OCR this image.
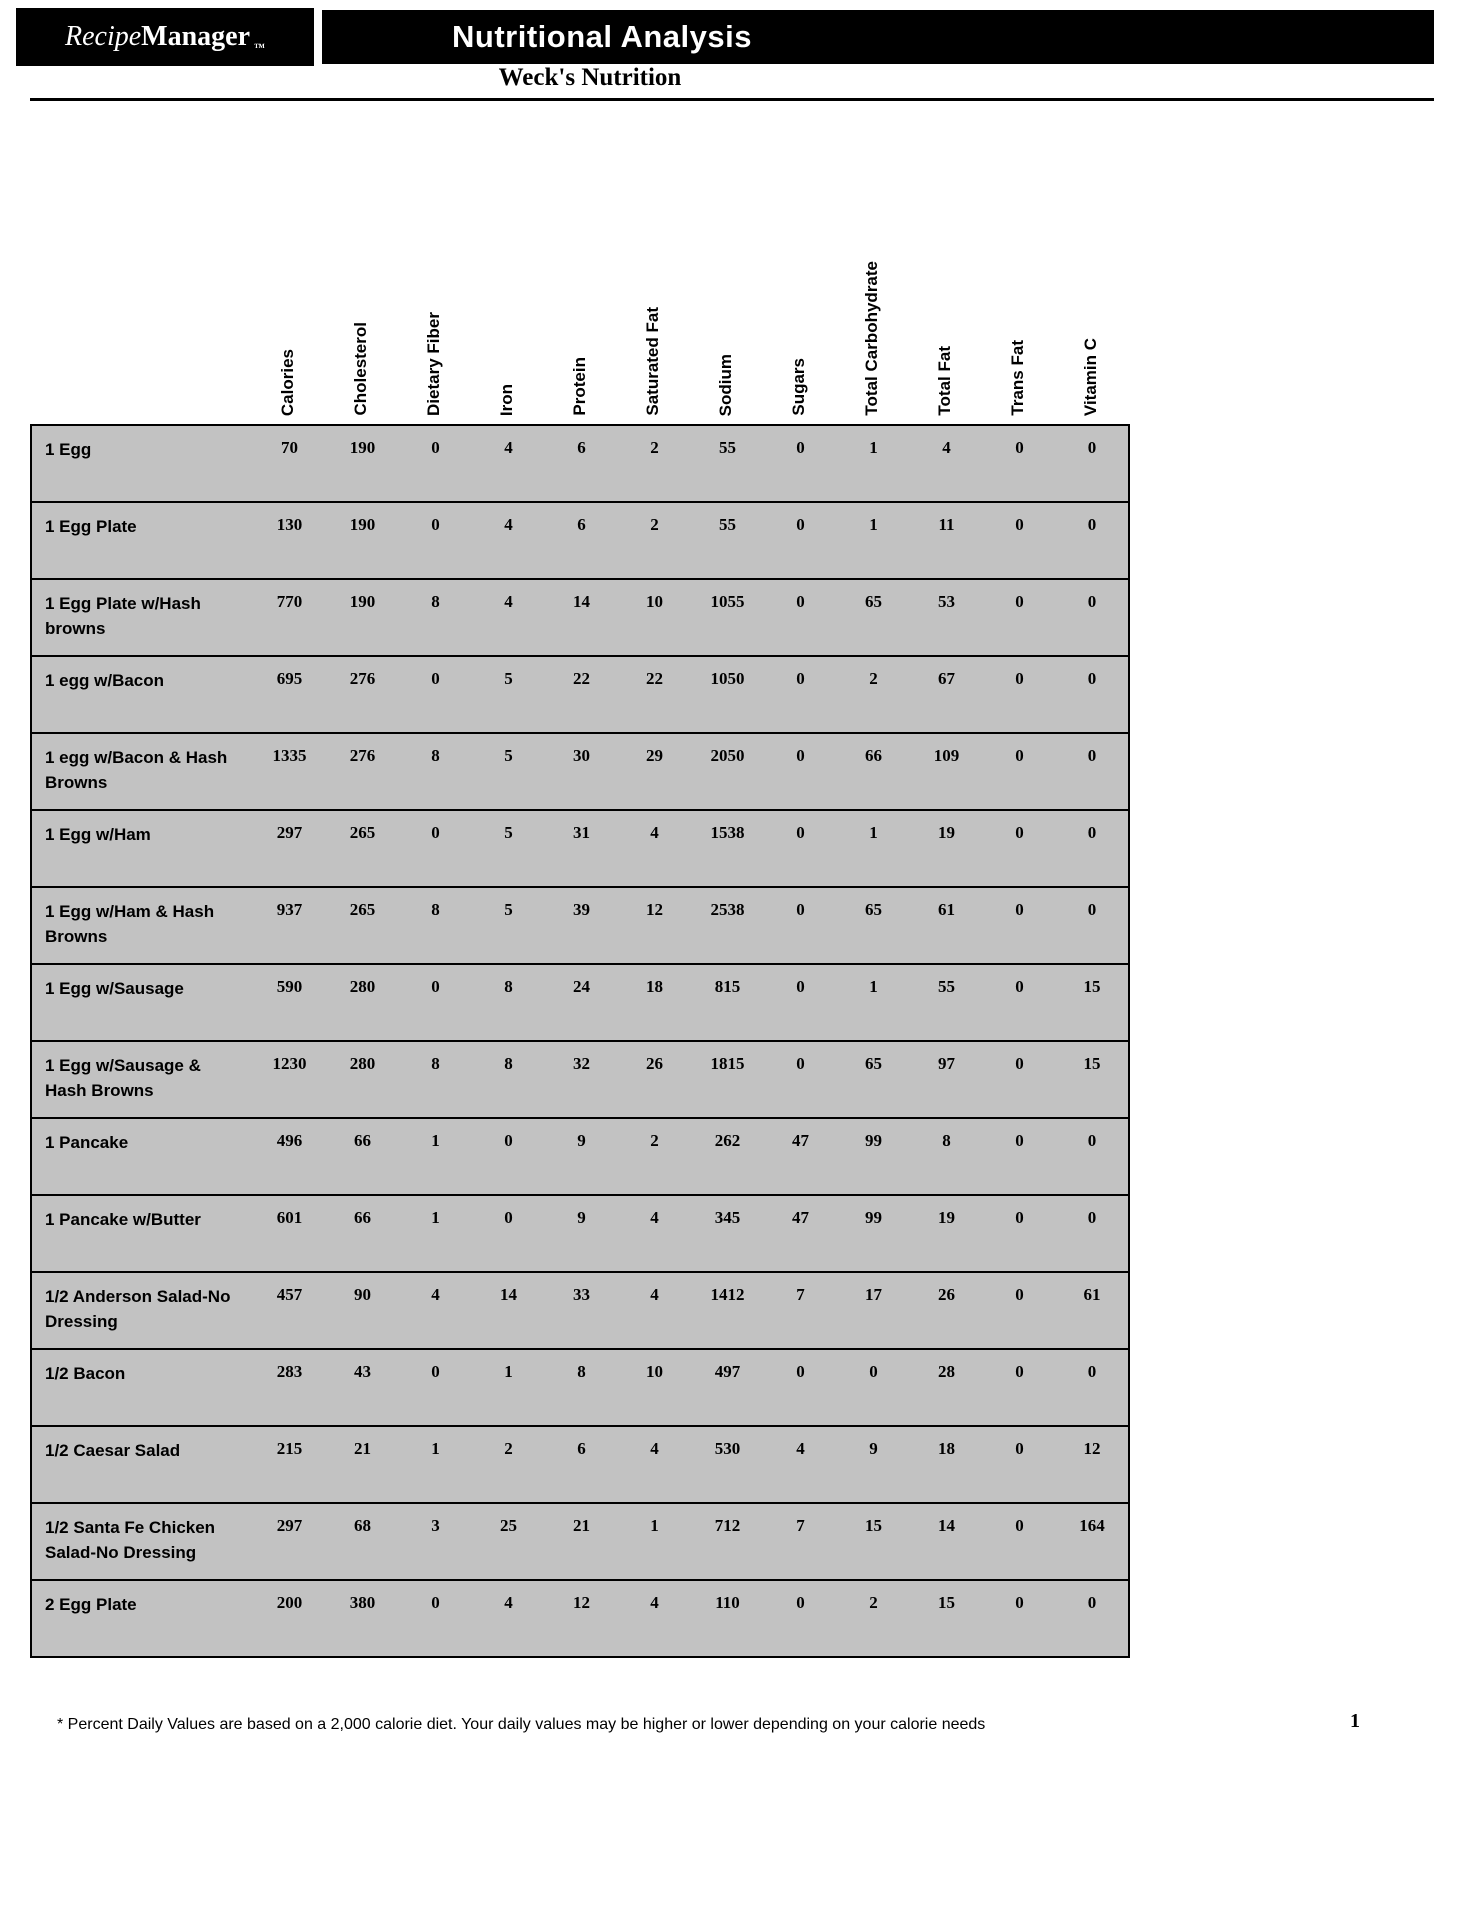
Recipe Manager ™	Nutritional Analysis
Weck's Nutrition
Calories	Cholesterol	Dietary Fiber	Iron	Protein	Saturated Fat	Sodium	Sugars	Total Carbohydrate	Total Fat	Trans Fat	Vitamin C
1 Egg	70	190	0	4	6	2	55	0	1	4	0	0
1 Egg Plate	130	190	0	4	6	2	55	0	1	11	0	0
1 Egg Plate w/Hash browns	770	190	8	4	14	10	1055	0	65	53	0	0
1 egg w/Bacon	695	276	0	5	22	22	1050	0	2	67	0	0
1 egg w/Bacon & Hash Browns	1335	276	8	5	30	29	2050	0	66	109	0	0
1 Egg w/Ham	297	265	0	5	31	4	1538	0	1	19	0	0
1 Egg w/Ham & Hash Browns	937	265	8	5	39	12	2538	0	65	61	0	0
1 Egg w/Sausage	590	280	0	8	24	18	815	0	1	55	0	15
1 Egg w/Sausage & Hash Browns	1230	280	8	8	32	26	1815	0	65	97	0	15
1 Pancake	496	66	1	0	9	2	262	47	99	8	0	0
1 Pancake w/Butter	601	66	1	0	9	4	345	47	99	19	0	0
1/2 Anderson Salad-No Dressing	457	90	4	14	33	4	1412	7	17	26	0	61
1/2 Bacon	283	43	0	1	8	10	497	0	0	28	0	0
1/2 Caesar Salad	215	21	1	2	6	4	530	4	9	18	0	12
1/2 Santa Fe Chicken Salad-No Dressing	297	68	3	25	21	1	712	7	15	14	0	164
2 Egg Plate	200	380	0	4	12	4	110	0	2	15	0	0
* Percent Daily Values are based on a 2,000 calorie diet. Your daily values may be higher or lower depending on your calorie needs	1
